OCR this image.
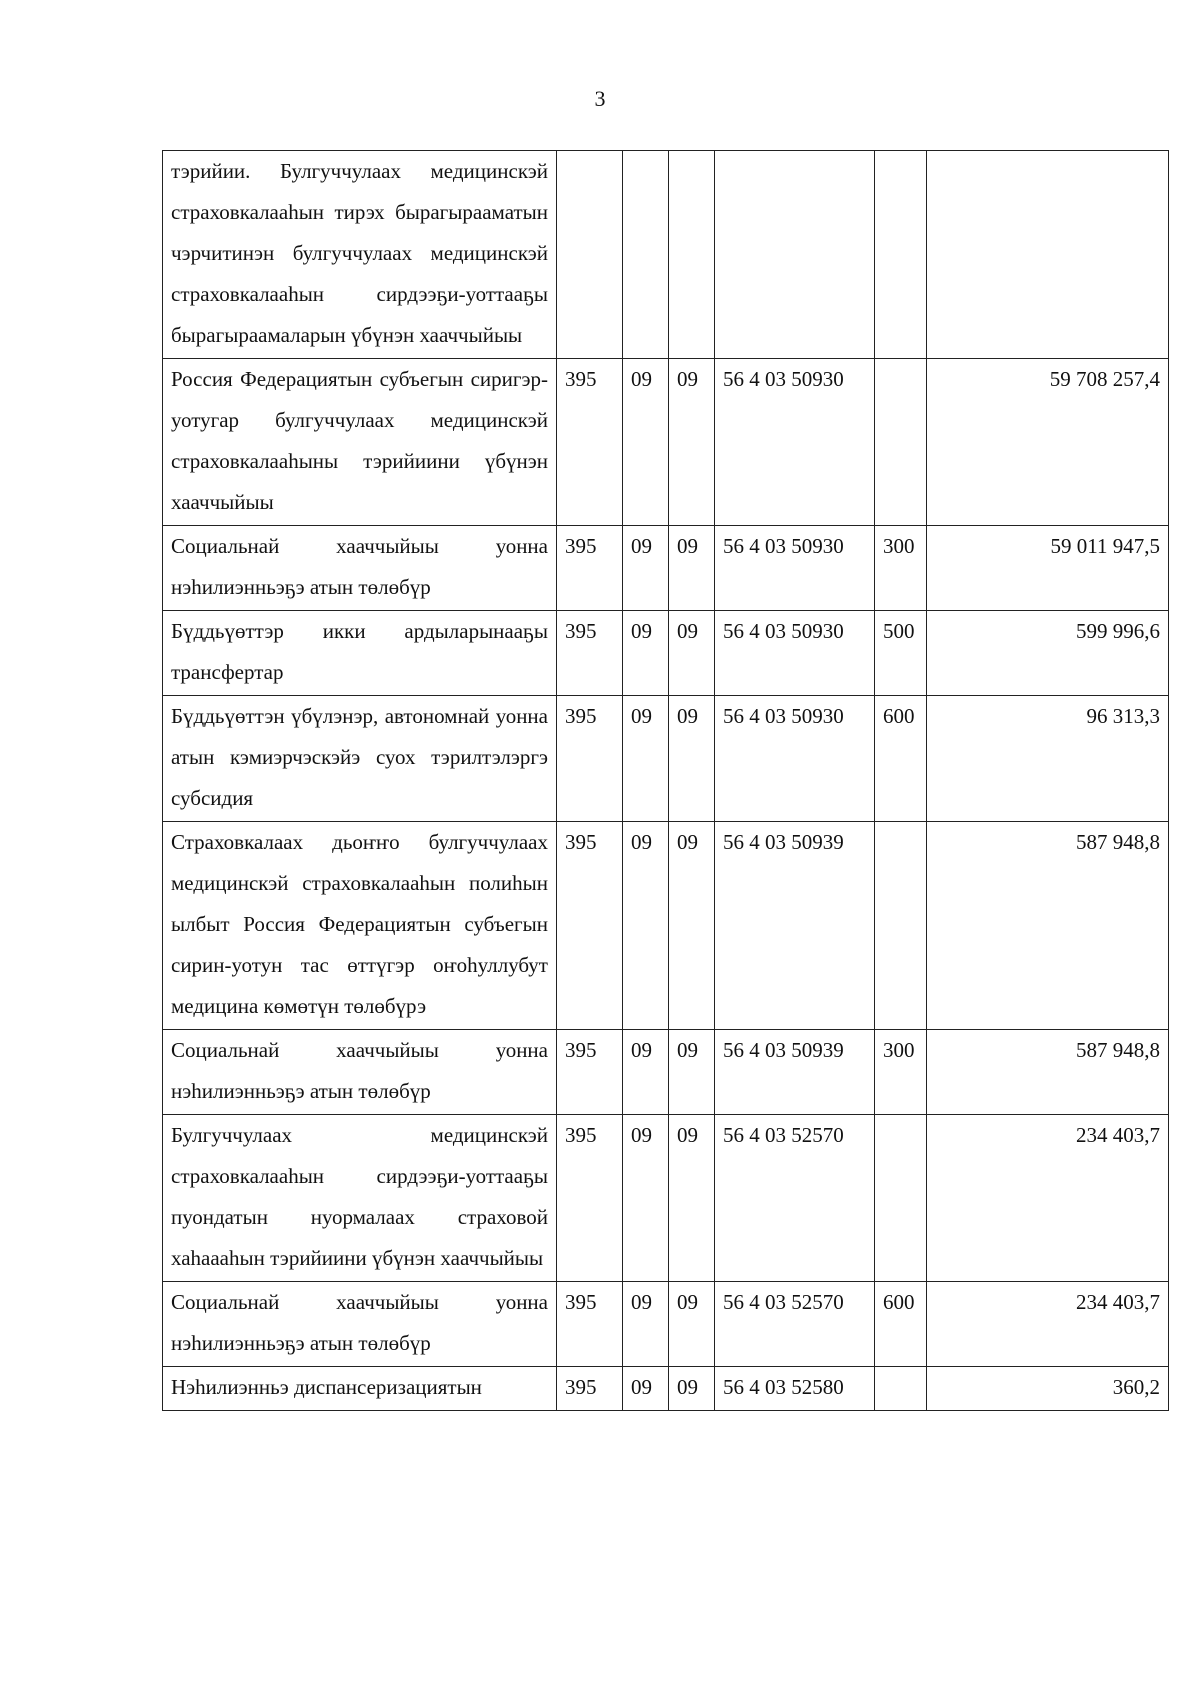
3
тэрийии. Булгуччулаах медицинскэй страховкалааһын тирэх бырагырааматын чэрчитинэн булгуччулаах медицинскэй страховкалааһын сирдээҕи-уоттааҕы бырагыраамаларын үбүнэн хааччыйыы						
Россия Федерациятын субъегын сиригэр-уотугар булгуччулаах медицинскэй страховкалааһыны тэрийиини үбүнэн хааччыйыы	395	09	09	56 4 03 50930		59 708 257,4
Социальнай хааччыйыы уонна нэһилиэнньэҕэ атын төлөбүр	395	09	09	56 4 03 50930	300	59 011 947,5
Бүддьүөттэр икки ардыларынааҕы трансфертар	395	09	09	56 4 03 50930	500	599 996,6
Бүддьүөттэн үбүлэнэр, автономнай уонна атын кэмиэрчэскэйэ суох тэрилтэлэргэ субсидия	395	09	09	56 4 03 50930	600	96 313,3
Страховкалаах дьоҥҥо булгуччулаах медицинскэй страховкалааһын полиһын ылбыт Россия Федерациятын субъегын сирин-уотун тас өттүгэр оҥоһуллубут медицина көмөтүн төлөбүрэ	395	09	09	56 4 03 50939		587 948,8
Социальнай хааччыйыы уонна нэһилиэнньэҕэ атын төлөбүр	395	09	09	56 4 03 50939	300	587 948,8
Булгуччулаах медицинскэй страховкалааһын сирдээҕи-уоттааҕы пуондатын нуормалаах страховой хаһаааһын тэрийиини үбүнэн хааччыйыы	395	09	09	56 4 03 52570		234 403,7
Социальнай хааччыйыы уонна нэһилиэнньэҕэ атын төлөбүр	395	09	09	56 4 03 52570	600	234 403,7
Нэһилиэнньэ диспансеризациятын	395	09	09	56 4 03 52580		360,2
